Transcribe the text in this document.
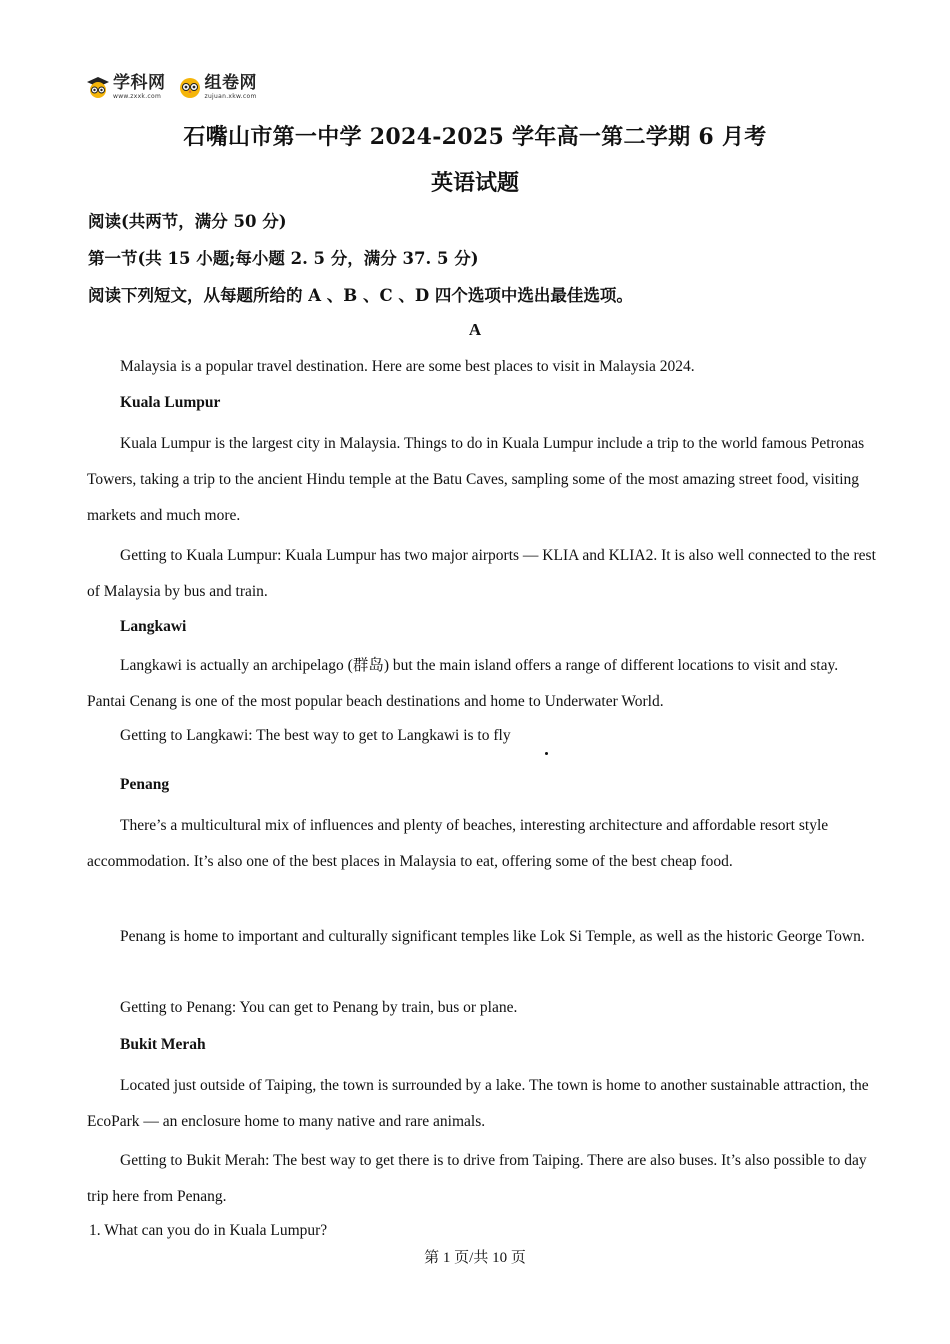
学科网
www.zxxk.com
组卷网
zujuan.xkw.com
石嘴山市第一中学 2024-2025 学年高一第二学期 6 月考
英语试题
阅读(共两节，满分 50 分)
第一节(共 15 小题;每小题 2. 5 分，满分 37. 5 分)
阅读下列短文，从每题所给的 A 、B 、C 、D 四个选项中选出最佳选项。
A

Malaysia is a popular travel destination. Here are some best places to visit in Malaysia 2024.

Kuala Lumpur

Kuala Lumpur is the largest city in Malaysia. Things to do in Kuala Lumpur include a trip to the world famous Petronas Towers, taking a trip to the ancient Hindu temple at the Batu Caves, sampling some of the most amazing street food, visiting markets and much more.

Getting to Kuala Lumpur: Kuala Lumpur has two major airports — KLIA and KLIA2. It is also well connected to the rest of Malaysia by bus and train.

Langkawi

Langkawi is actually an archipelago (群岛) but the main island offers a range of different locations to visit and stay. Pantai Cenang is one of the most popular beach destinations and home to Underwater World.

Getting to Langkawi: The best way to get to Langkawi is to fly

Penang

There’s a multicultural mix of influences and plenty of beaches, interesting architecture and affordable resort style accommodation. It’s also one of the best places in Malaysia to eat, offering some of the best cheap food.

Penang is home to important and culturally significant temples like Lok Si Temple, as well as the historic George Town.

Getting to Penang: You can get to Penang by train, bus or plane.

Bukit Merah

Located just outside of Taiping, the town is surrounded by a lake. The town is home to another sustainable attraction, the EcoPark — an enclosure home to many native and rare animals.

Getting to Bukit Merah: The best way to get there is to drive from Taiping. There are also buses. It’s also possible to day trip here from Penang.

1. What can you do in Kuala Lumpur?
第 1 页/共 10 页
